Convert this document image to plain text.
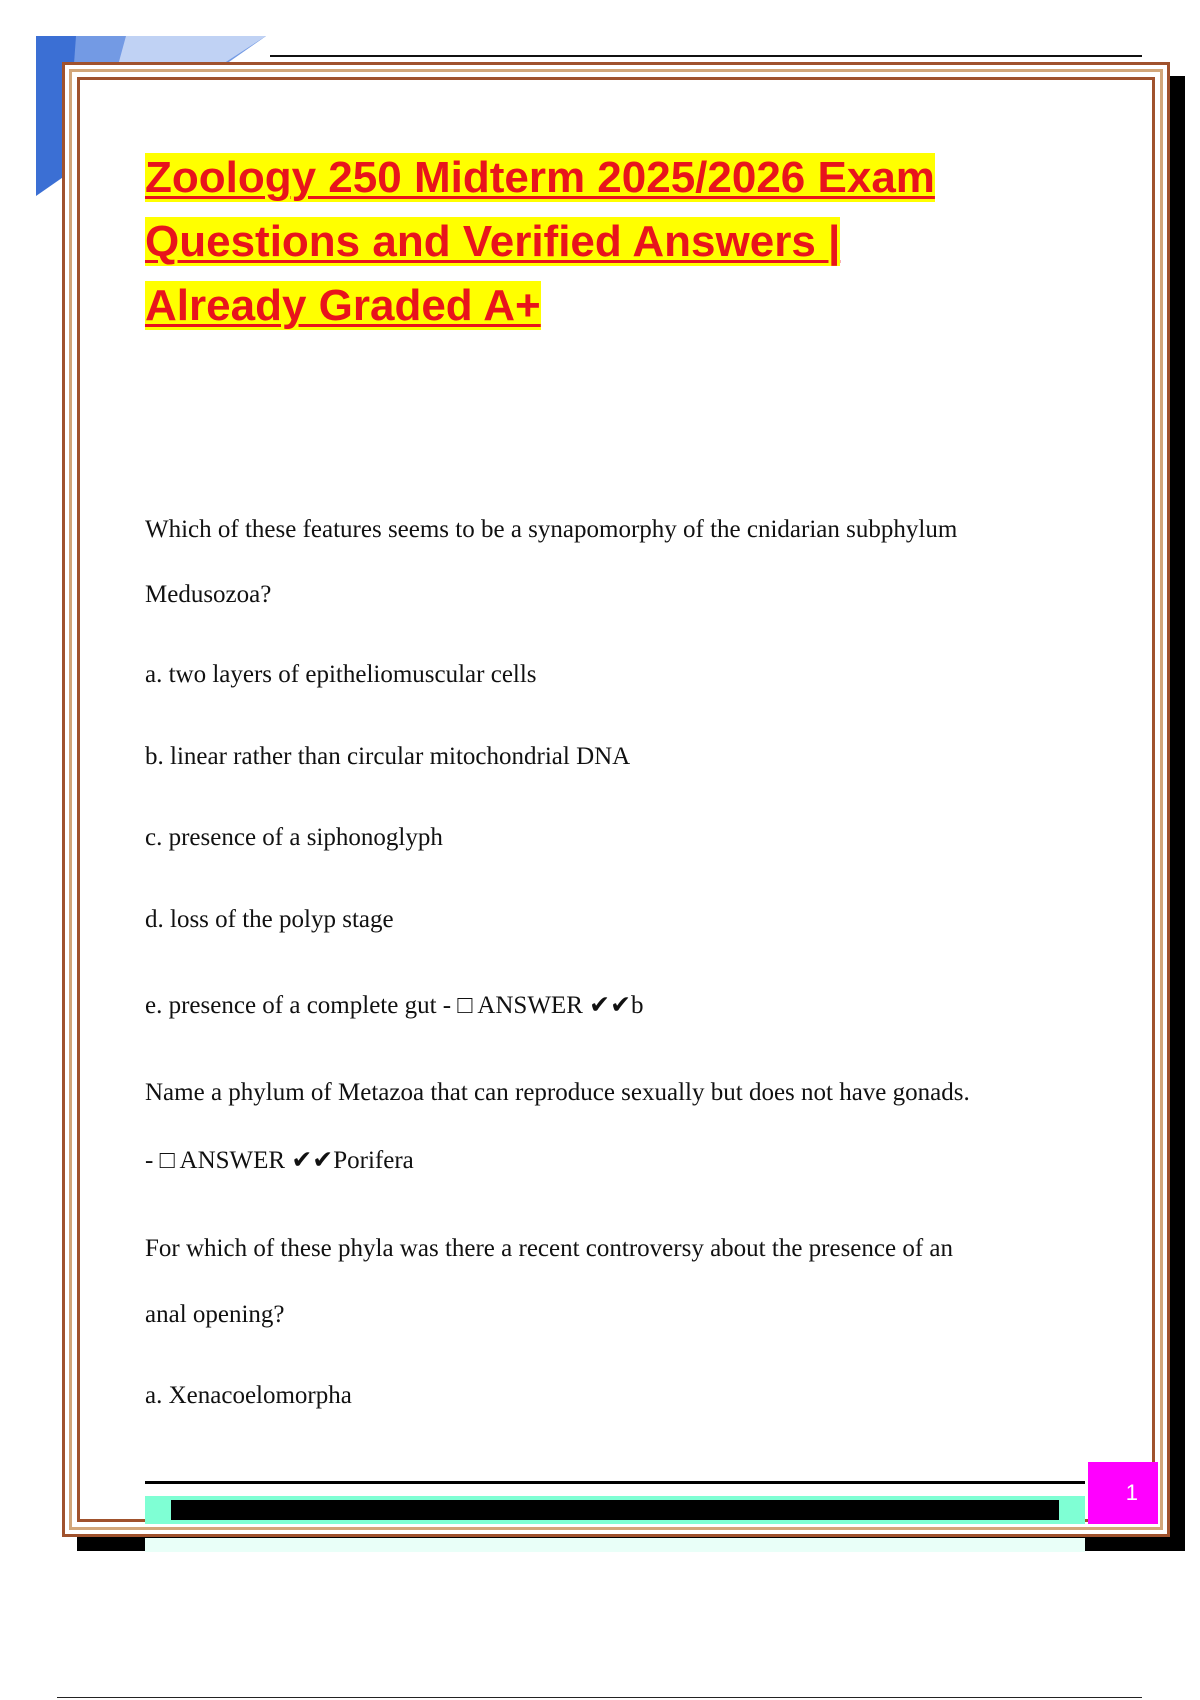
Zoology 250 Midterm 2025/2026 Exam
Questions and Verified Answers |
Already Graded A+

Which of these features seems to be a synapomorphy of the cnidarian subphylum

Medusozoa?

a. two layers of epitheliomuscular cells

b. linear rather than circular mitochondrial DNA

c. presence of a siphonoglyph

d. loss of the polyp stage

e. presence of a complete gut - □ ANSWER ✔✔b

Name a phylum of Metazoa that can reproduce sexually but does not have gonads.

- □ ANSWER ✔✔Porifera

For which of these phyla was there a recent controversy about the presence of an

anal opening?

a. Xenacoelomorpha

1
